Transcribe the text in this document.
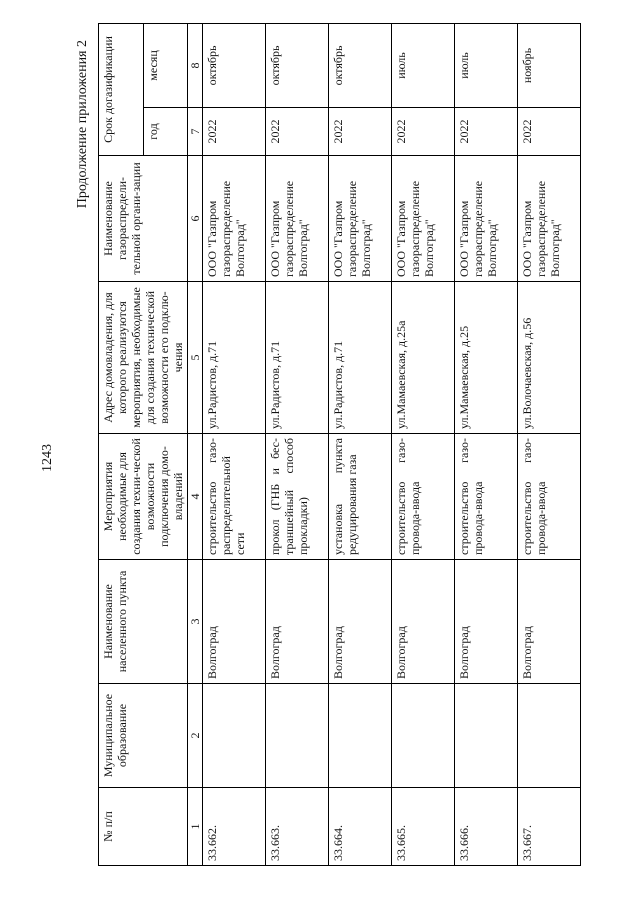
1243
Продолжение приложения 2
№ п/п	Муниципальное образование	Наименование населенного пункта	Мероприятия необходимые для создания техни-ческой возможности подключения домо-владений	Адрес домовладения, для которого реализуются мероприятия, необходимые для создания технической возможности его подклю-чения	Наименование газораспредели-тельной органи-зации	Срок догазификации	
						год	месяц
1	2	3	4	5	6	7	8
33.662.		Волгоград	строительство газо-распределительной сети	ул.Радистов, д.71	ООО "Газпром газораспределение Волгоград"	2022	октябрь
33.663.		Волгоград	прокол (ГНБ и бес-траншейный способ прокладки)	ул.Радистов, д.71	ООО "Газпром газораспределение Волгоград"	2022	октябрь
33.664.		Волгоград	установка пункта редуцирования газа	ул.Радистов, д.71	ООО "Газпром газораспределение Волгоград"	2022	октябрь
33.665.		Волгоград	строительство газо-провода-ввода	ул.Мамаевская, д.25а	ООО "Газпром газораспределение Волгоград"	2022	июль
33.666.		Волгоград	строительство газо-провода-ввода	ул.Мамаевская, д.25	ООО "Газпром газораспределение Волгоград"	2022	июль
33.667.		Волгоград	строительство газо-провода-ввода	ул.Волочаевская, д.56	ООО "Газпром газораспределение Волгоград"	2022	ноябрь
